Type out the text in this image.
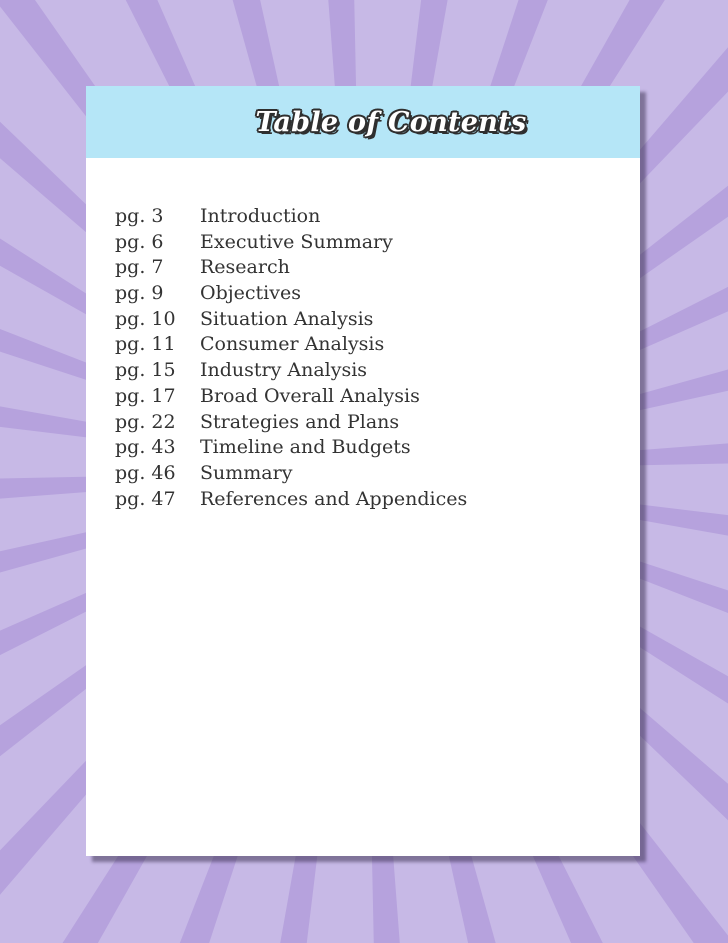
Table of Contents
pg. 3	Introduction
pg. 6	Executive Summary
pg. 7	Research
pg. 9	Objectives
pg. 10	Situation Analysis
pg. 11	Consumer Analysis
pg. 15	Industry Analysis
pg. 17	Broad Overall Analysis
pg. 22	Strategies and Plans
pg. 43	Timeline and Budgets
pg. 46	Summary
pg. 47	References and Appendices
